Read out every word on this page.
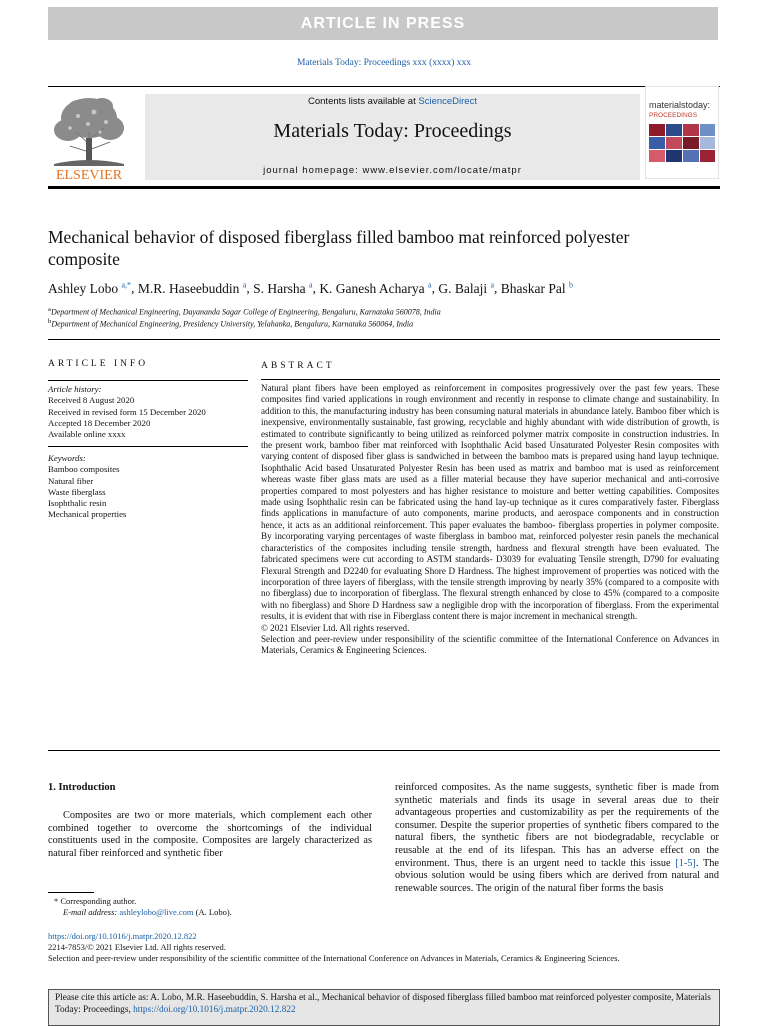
ARTICLE IN PRESS
Materials Today: Proceedings xxx (xxxx) xxx
ELSEVIER
Contents lists available at ScienceDirect
Materials Today: Proceedings
journal homepage: www.elsevier.com/locate/matpr
materialstoday:
PROCEEDINGS
Mechanical behavior of disposed fiberglass filled bamboo mat reinforced polyester composite
Ashley Lobo $^{a,*}$, M.R. Haseebuddin $^a$, S. Harsha $^a$, K. Ganesh Acharya $^a$, G. Balaji $^a$, Bhaskar Pal $^b$
$^a$Department of Mechanical Engineering, Dayananda Sagar College of Engineering, Bengaluru, Karnataka 560078, India
$^b$Department of Mechanical Engineering, Presidency University, Yelahanka, Bengaluru, Karnataka 560064, India
ARTICLE INFO	ABSTRACT
Article history:
Received 8 August 2020
Received in revised form 15 December 2020
Accepted 18 December 2020
Available online xxxx
Keywords:
Bamboo composites
Natural fiber
Waste fiberglass
Isophthalic resin
Mechanical properties

Natural plant fibers have been employed as reinforcement in composites progressively over the past few years. These composites find varied applications in rough environment and recently in response to climate change and sustainability. In addition to this, the manufacturing industry has been consuming natural materials in abundance lately. Bamboo fiber which is inexpensive, environmentally sustainable, fast growing, recyclable and highly abundant with wide distribution of growth, is estimated to contribute significantly to being utilized as reinforced polymer matrix composite in construction industries. In the present work, bamboo fiber mat reinforced with Isophthalic Acid based Unsaturated Polyester Resin composites with varying content of disposed fiber glass is sandwiched in between the bamboo mats is prepared using hand layup technique. Isophthalic Acid based Unsaturated Polyester Resin has been used as matrix and bamboo mat is used as reinforcement whereas waste fiber glass mats are used as a filler material because they have superior mechanical and anti-corrosive properties compared to most polyesters and has higher resistance to moisture and better wetting capabilities. Composites made using Isophthalic resin can be fabricated using the hand lay-up technique as it cures comparatively faster. Fiberglass finds applications in manufacture of auto components, marine products, and aerospace components and in construction hence, it acts as an additional reinforcement. This paper evaluates the bamboo- fiberglass properties in polymer composite. By incorporating varying percentages of waste fiberglass in bamboo mat, reinforced polyester resin panels the mechanical characteristics of the composites including tensile strength, hardness and flexural strength have been evaluated. The fabricated specimens were cut according to ASTM standards- D3039 for evaluating Tensile strength, D790 for evaluating Flexural Strength and D2240 for evaluating Shore D Hardness. The highest improvement of properties was noticed with the incorporation of three layers of fiberglass, with the tensile strength improving by nearly 35% (compared to a composite with no fiberglass) due to incorporation of fiberglass. The flexural strength enhanced by close to 45% (compared to a composite with no fiberglass) and Shore D Hardness saw a negligible drop with the incorporation of fiberglass. From the experimental results, it is evident that with rise in Fiberglass content there is major increment in mechanical strength.

© 2021 Elsevier Ltd. All rights reserved.

Selection and peer-review under responsibility of the scientific committee of the International Conference on Advances in Materials, Ceramics & Engineering Sciences.

1. Introduction

Composites are two or more materials, which complement each other combined together to overcome the shortcomings of the individual constituents used in the composite. Composites are largely characterized as natural fiber reinforced and synthetic fiber

reinforced composites. As the name suggests, synthetic fiber is made from synthetic materials and finds its usage in several areas due to their advantageous properties and customizability as per the requirements of the consumer. Despite the superior properties of synthetic fibers compared to the natural fibers, the synthetic fibers are not biodegradable, recyclable or reusable at the end of its lifespan. This has an adverse effect on the environment. Thus, there is an urgent need to tackle this issue [1-5]. The obvious solution would be using fibers which are derived from natural and renewable sources. The origin of the natural fiber forms the basis

* Corresponding author.
E-mail address: ashleylobo@live.com (A. Lobo).
https://doi.org/10.1016/j.matpr.2020.12.822
2214-7853/© 2021 Elsevier Ltd. All rights reserved.
Selection and peer-review under responsibility of the scientific committee of the International Conference on Advances in Materials, Ceramics & Engineering Sciences.
Please cite this article as: A. Lobo, M.R. Haseebuddin, S. Harsha et al., Mechanical behavior of disposed fiberglass filled bamboo mat reinforced polyester composite, Materials Today: Proceedings, https://doi.org/10.1016/j.matpr.2020.12.822
